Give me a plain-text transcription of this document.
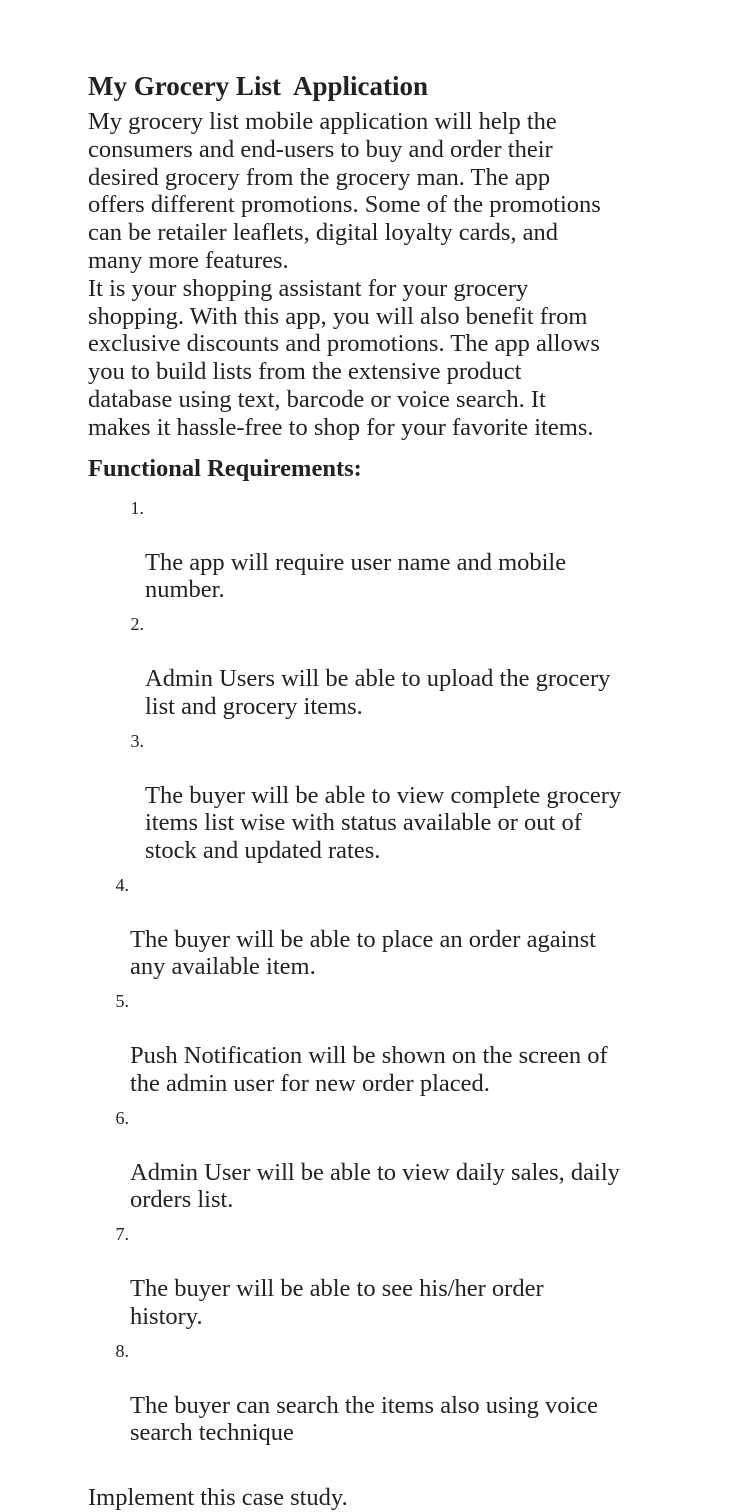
My Grocery List  Application

My grocery list mobile application will help the
consumers and end-users to buy and order their
desired grocery from the grocery man. The app
offers different promotions. Some of the promotions
can be retailer leaflets, digital loyalty cards, and
many more features.

It is your shopping assistant for your grocery
shopping. With this app, you will also benefit from
exclusive discounts and promotions. The app allows
you to build lists from the extensive product
database using text, barcode or voice search. It
makes it hassle-free to shop for your favorite items.

Functional Requirements:

1.

The app will require user name and mobile
number.

2.

Admin Users will be able to upload the grocery
list and grocery items.

3.

The buyer will be able to view complete grocery
items list wise with status available or out of
stock and updated rates.

4.

The buyer will be able to place an order against
any available item.

5.

Push Notification will be shown on the screen of
the admin user for new order placed.

6.

Admin User will be able to view daily sales, daily
orders list.

7.

The buyer will be able to see his/her order
history.

8.

The buyer can search the items also using voice
search technique

Implement this case study.
